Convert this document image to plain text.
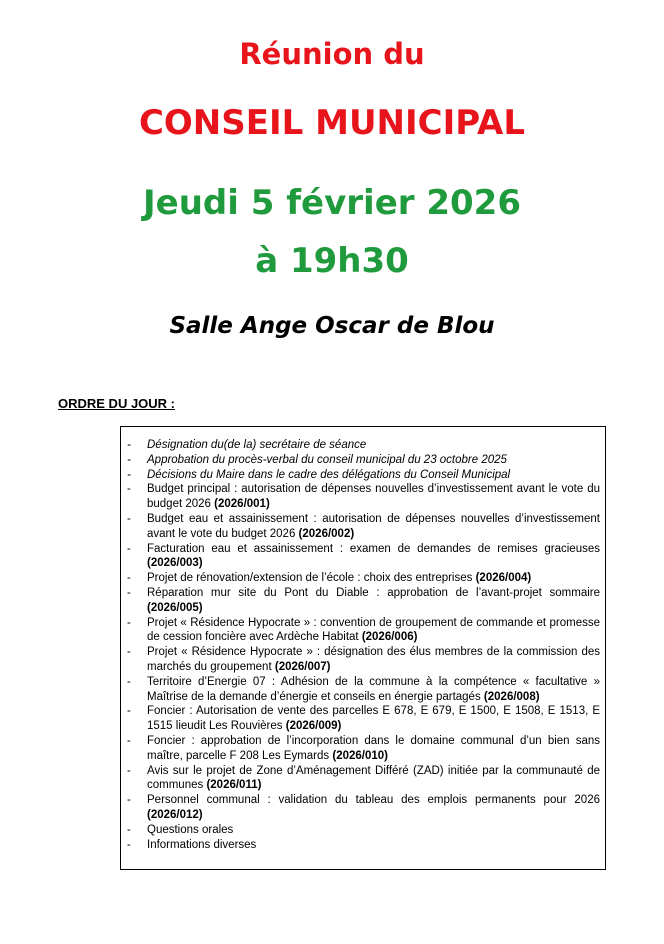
Réunion du
CONSEIL MUNICIPAL
Jeudi 5 février 2026
à 19h30
Salle Ange Oscar de Blou
ORDRE DU JOUR :
- Désignation du(de la) secrétaire de séance
- Approbation du procès-verbal du conseil municipal du 23 octobre 2025
- Décisions du Maire dans le cadre des délégations du Conseil Municipal
- Budget principal : autorisation de dépenses nouvelles d’investissement avant le vote du budget 2026 (2026/001)
- Budget eau et assainissement : autorisation de dépenses nouvelles d’investissement avant le vote du budget 2026 (2026/002)
- Facturation eau et assainissement : examen de demandes de remises gracieuses (2026/003)
- Projet de rénovation/extension de l’école : choix des entreprises (2026/004)
- Réparation mur site du Pont du Diable : approbation de l’avant-projet sommaire (2026/005)
- Projet « Résidence Hypocrate » : convention de groupement de commande et promesse de cession foncière avec Ardèche Habitat (2026/006)
- Projet « Résidence Hypocrate » : désignation des élus membres de la commission des marchés du groupement (2026/007)
- Territoire d’Energie 07 : Adhésion de la commune à la compétence « facultative » Maîtrise de la demande d’énergie et conseils en énergie partagés (2026/008)
- Foncier : Autorisation de vente des parcelles E 678, E 679, E 1500, E 1508, E 1513, E 1515 lieudit Les Rouvières (2026/009)
- Foncier : approbation de l’incorporation dans le domaine communal d’un bien sans maître, parcelle F 208 Les Eymards (2026/010)
- Avis sur le projet de Zone d’Aménagement Différé (ZAD) initiée par la communauté de communes (2026/011)
- Personnel communal : validation du tableau des emplois permanents pour 2026 (2026/012)
- Questions orales
- Informations diverses
